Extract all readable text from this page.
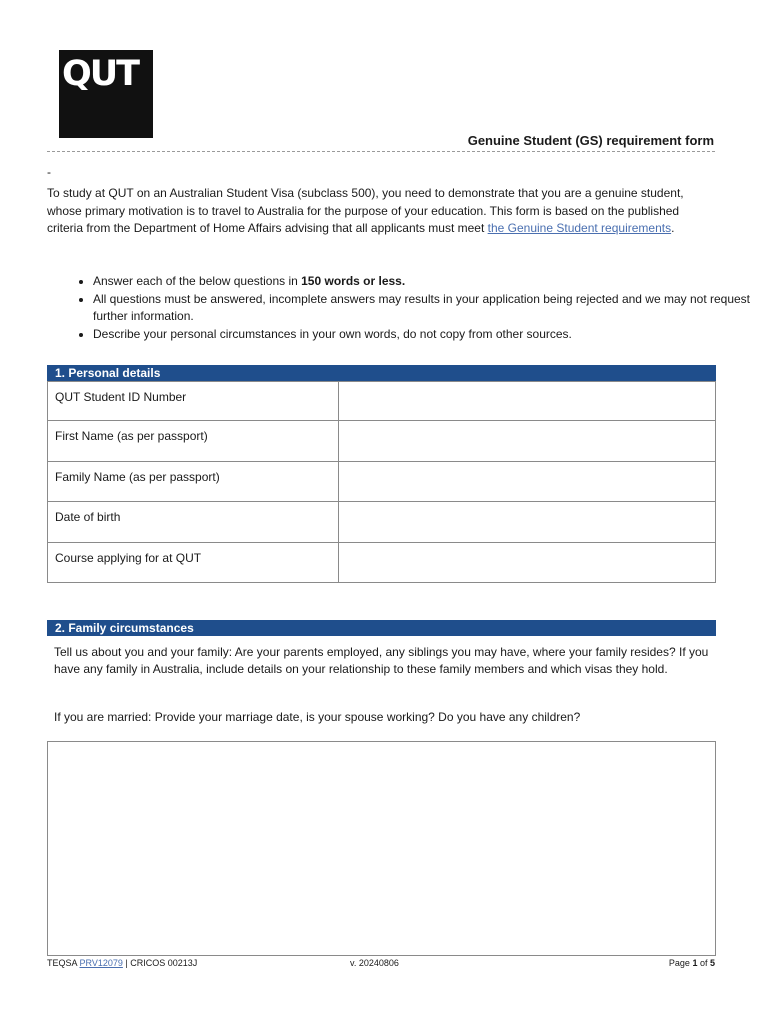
QUT
Genuine Student (GS) requirement form
-

To study at QUT on an Australian Student Visa (subclass 500), you need to demonstrate that you are a genuine student, whose primary motivation is to travel to Australia for the purpose of your education. This form is based on the published criteria from the Department of Home Affairs advising that all applicants must meet the Genuine Student requirements.

• Answer each of the below questions in 150 words or less.
• All questions must be answered, incomplete answers may results in your application being rejected and we may not request further information.
• Describe your personal circumstances in your own words, do not copy from other sources.
1. Personal details
QUT Student ID Number	
First Name (as per passport)	
Family Name (as per passport)	
Date of birth	
Course applying for at QUT	
2. Family circumstances
Tell us about you and your family: Are your parents employed, any siblings you may have, where your family resides? If you have any family in Australia, include details on your relationship to these family members and which visas they hold.
If you are married: Provide your marriage date, is your spouse working? Do you have any children?
TEQSA PRV12079 | CRICOS 00213J	v. 20240806	Page 1 of 5
